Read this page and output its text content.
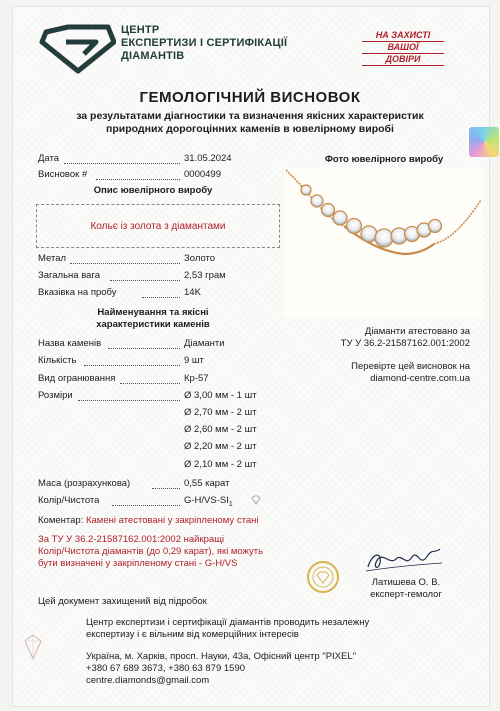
ЦЕНТР
ЕКСПЕРТИЗИ І СЕРТИФІКАЦІЇ
ДІАМАНТІВ
НА ЗАХИСТІ
ВАШОЇ
ДОВІРИ
ГЕМОЛОГІЧНИЙ ВИСНОВОК
за результатами діагностики та визначення якісних характеристик
природних дорогоцінних каменів в ювелірному виробі
Дата	31.05.2024
Висновок #	0000499
Опис ювелірного виробу
Кольє із золота з діамантами
Метал	Золото
Загальна вага	2,53 грам
Вказівка на пробу	14K
Найменування та якісні
характеристики каменів
Назва каменів	Діаманти
Кількість	9 шт
Вид огранювання	Кр-57
Розміри	Ø 3,00 мм - 1 шт
Ø 2,70 мм - 2 шт
Ø 2,60 мм - 2 шт
Ø 2,20 мм - 2 шт
Ø 2,10 мм - 2 шт
Маса (розрахункова)	0,55 карат
Колір/Чистота	$G-H/VS-SI_1$
Коментар: Камені атестовані у закріпленому стані
За ТУ У 36.2-21587162.001:2002 найкращі
Колір/Чистота діамантів (до 0,29 карат), які можуть
бути визначені у закріпленому стані - G-H/VS
Фото ювелірного виробу
Діаманти атестовано за
ТУ У 36.2-21587162.001:2002
Перевірте цей висновок на
diamond-centre.com.ua
Латишева О. В.
експерт-гемолог
Цей документ захищений від підробок
Центр експертизи і сертифікації діамантів проводить незалежну
експертизу і є вільним від комерційних інтересів
Україна, м. Харків, просп. Науки, 43а, Офісний центр "PIXEL"
+380 67 689 3673, +380 63 879 1590
centre.diamonds@gmail.com
